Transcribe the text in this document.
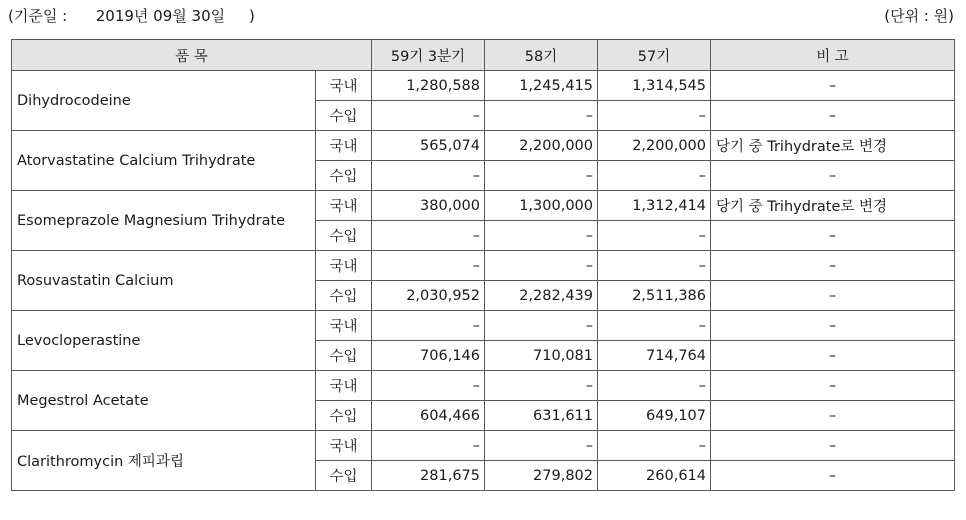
(기준일 :      2019년 09월 30일     )	(단위 : 원)
품 목		59기 3분기	58기	57기	비 고
Dihydrocodeine	국내	1,280,588	1,245,415	1,314,545	–
	수입	–	–	–	–
Atorvastatine Calcium Trihydrate	국내	565,074	2,200,000	2,200,000	당기 중 Trihydrate로 변경
	수입	–	–	–	–
Esomeprazole Magnesium Trihydrate	국내	380,000	1,300,000	1,312,414	당기 중 Trihydrate로 변경
	수입	–	–	–	–
Rosuvastatin Calcium	국내	–	–	–	–
	수입	2,030,952	2,282,439	2,511,386	–
Levocloperastine	국내	–	–	–	–
	수입	706,146	710,081	714,764	–
Megestrol Acetate	국내	–	–	–	–
	수입	604,466	631,611	649,107	–
Clarithromycin 제피과립	국내	–	–	–	–
	수입	281,675	279,802	260,614	–
